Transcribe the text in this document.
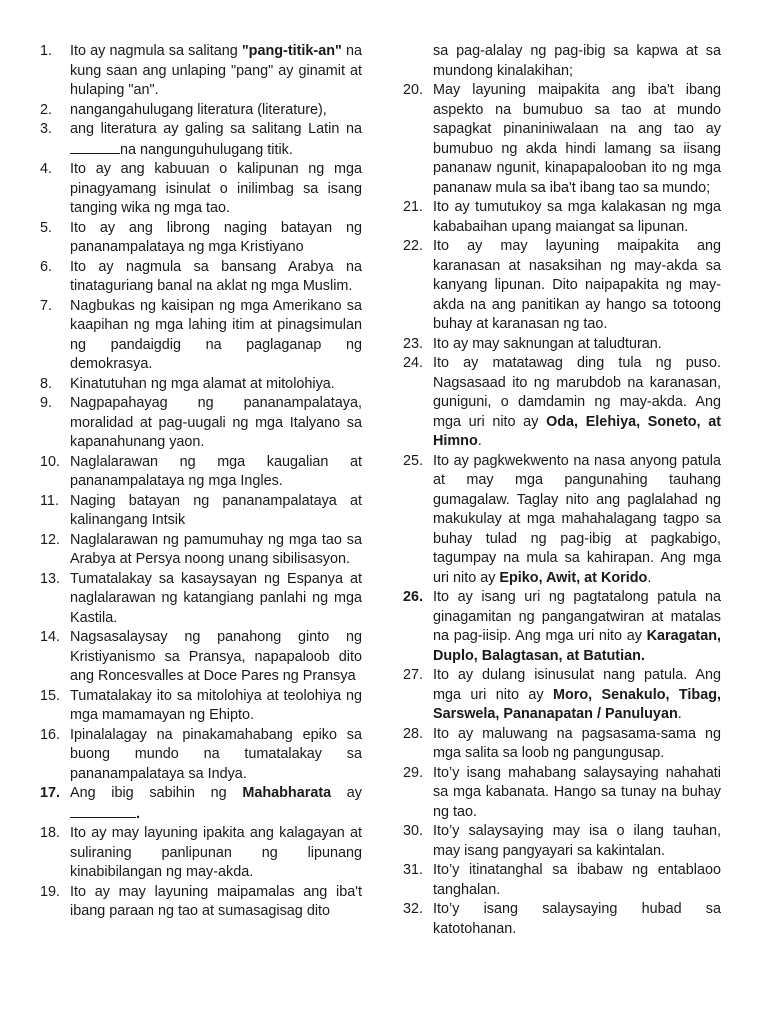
1.	Ito ay nagmula sa salitang "pang-titik-an" na kung saan ang unlaping "pang" ay ginamit at hulaping "an".
2.	nangangahulugang literatura (literature),
3.	ang literatura ay galing sa salitang Latin na na nangunguhulugang titik.
4.	Ito ay ang kabuuan o kalipunan ng mga pinagyamang isinulat o inilimbag sa isang tanging wika ng mga tao.
5.	Ito ay ang librong naging batayan ng pananampalataya ng mga Kristiyano
6.	Ito ay nagmula sa bansang Arabya na tinataguriang banal na aklat ng mga Muslim.
7.	Nagbukas ng kaisipan ng mga Amerikano sa kaapihan ng mga lahing itim at pinagsimulan ng pandaigdig na paglaganap ng demokrasya.
8.	Kinatutuhan ng mga alamat at mitolohiya.
9.	Nagpapahayag ng pananampalataya, moralidad at pag-uugali ng mga Italyano sa kapanahunang yaon.
10. Naglalarawan ng mga kaugalian at pananampalataya ng mga Ingles.
11. Naging batayan ng pananampalataya at kalinangang Intsik
12. Naglalarawan ng pamumuhay ng mga tao sa Arabya at Persya noong unang sibilisasyon.
13. Tumatalakay sa kasaysayan ng Espanya at naglalarawan ng katangiang panlahi ng mga Kastila.
14. Nagsasalaysay ng panahong ginto ng Kristiyanismo sa Pransya, napapaloob dito ang Roncesvalles at Doce Pares ng Pransya
15. Tumatalakay ito sa mitolohiya at teolohiya ng mga mamamayan ng Ehipto.
16. Ipinalalagay na pinakamahabang epiko sa buong mundo na tumatalakay sa pananampalataya sa Indya.
17. Ang ibig sabihin ng Mahabharata ay .
18. Ito ay may layuning ipakita ang kalagayan at suliraning panlipunan ng lipunang kinabibilangan ng may-akda.
19. Ito ay may layuning maipamalas ang iba't ibang paraan ng tao at sumasagisag dito
sa pag-alalay ng pag-ibig sa kapwa at sa mundong kinalakihan;
20. May layuning maipakita ang iba't ibang aspekto na bumubuo sa tao at mundo sapagkat pinaniniwalaan na ang tao ay bumubuo ng akda hindi lamang sa iisang pananaw ngunit, kinapapalooban ito ng mga pananaw mula sa iba't ibang tao sa mundo;
21. Ito ay tumutukoy sa mga kalakasan ng mga kababaihan upang maiangat sa lipunan.
22. Ito ay may layuning maipakita ang karanasan at nasaksihan ng may-akda sa kanyang lipunan. Dito naipapakita ng may-akda na ang panitikan ay hango sa totoong buhay at karanasan ng tao.
23. Ito ay may saknungan at taludturan.
24. Ito ay matatawag ding tula ng puso. Nagsasaad ito ng marubdob na karanasan, guniguni, o damdamin ng may-akda. Ang mga uri nito ay Oda, Elehiya, Soneto, at Himno.
25. Ito ay pagkwekwento na nasa anyong patula at may mga pangunahing tauhang gumagalaw. Taglay nito ang paglalahad ng makukulay at mga mahahalagang tagpo sa buhay tulad ng pag-ibig at pagkabigo, tagumpay na mula sa kahirapan. Ang mga uri nito ay Epiko, Awit, at Korido.
26. Ito ay isang uri ng pagtatalong patula na ginagamitan ng pangangatwiran at matalas na pag-iisip. Ang mga uri nito ay Karagatan, Duplo, Balagtasan, at Batutian.
27. Ito ay dulang isinusulat nang patula. Ang mga uri nito ay Moro, Senakulo, Tibag, Sarswela, Pananapatan / Panuluyan.
28. Ito ay maluwang na pagsasama-sama ng mga salita sa loob ng pangungusap.
29. Ito’y isang mahabang salaysaying nahahati sa mga kabanata. Hango sa tunay na buhay ng tao.
30. Ito’y salaysaying may isa o ilang tauhan, may isang pangyayari sa kakintalan.
31. Ito’y itinatanghal sa ibabaw ng entablaoo tanghalan.
32. Ito’y isang salaysaying hubad sa katotohanan.
